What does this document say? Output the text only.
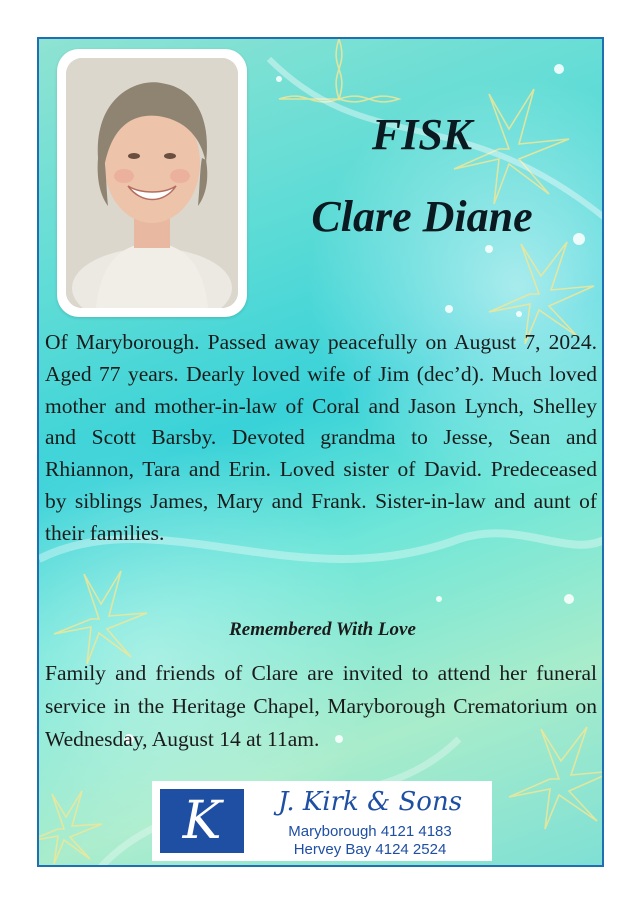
FISK
Clare Diane
Of Maryborough. Passed away peacefully on August 7, 2024. Aged 77 years. Dearly loved wife of Jim (dec’d). Much loved mother and mother-in-law of Coral and Jason Lynch, Shelley and Scott Barsby. Devoted grandma to Jesse, Sean and Rhiannon, Tara and Erin. Loved sister of David. Predeceased by siblings James, Mary and Frank. Sister-in-law and aunt of their families.
Remembered With Love
Family and friends of Clare are invited to attend her funeral service in the Heritage Chapel, Maryborough Crematorium on Wednesday, August 14 at 11am.
K	J. Kirk & Sons
Maryborough 4121 4183
Hervey Bay 4124 2524
